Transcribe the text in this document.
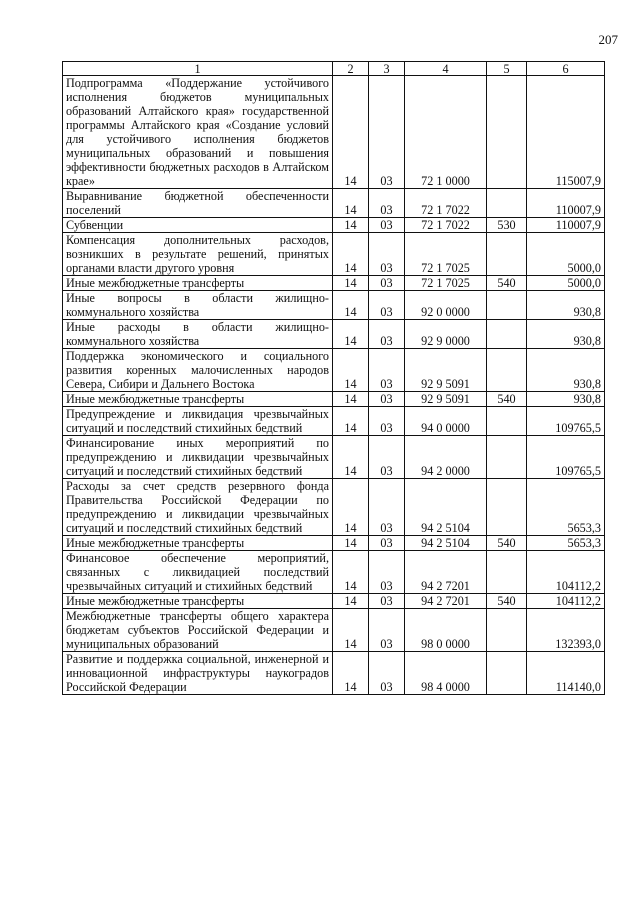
207
1	2	3	4	5	6
Подпрограмма «Поддержание устойчивого исполнения бюджетов муниципальных образований Алтайского края» государственной программы Алтайского края «Создание условий для устойчивого исполнения бюджетов муниципальных образований и повышения эффективности бюджетных расходов в Алтайском крае»	14	03	72 1 0000		115007,9
Выравнивание бюджетной обеспеченности поселений	14	03	72 1 7022		110007,9
Субвенции	14	03	72 1 7022	530	110007,9
Компенсация дополнительных расходов, возникших в результате решений, принятых органами власти другого уровня	14	03	72 1 7025		5000,0
Иные межбюджетные трансферты	14	03	72 1 7025	540	5000,0
Иные вопросы в области жилищно-коммунального хозяйства	14	03	92 0 0000		930,8
Иные расходы в области жилищно-коммунального хозяйства	14	03	92 9 0000		930,8
Поддержка экономического и социального развития коренных малочисленных народов Севера, Сибири и Дальнего Востока	14	03	92 9 5091		930,8
Иные межбюджетные трансферты	14	03	92 9 5091	540	930,8
Предупреждение и ликвидация чрезвычайных ситуаций и последствий стихийных бедствий	14	03	94 0 0000		109765,5
Финансирование иных мероприятий по предупреждению и ликвидации чрезвычайных ситуаций и последствий стихийных бедствий	14	03	94 2 0000		109765,5
Расходы за счет средств резервного фонда Правительства Российской Федерации по предупреждению и ликвидации чрезвычайных ситуаций и последствий стихийных бедствий	14	03	94 2 5104		5653,3
Иные межбюджетные трансферты	14	03	94 2 5104	540	5653,3
Финансовое обеспечение мероприятий, связанных с ликвидацией последствий чрезвычайных ситуаций и стихийных бедствий	14	03	94 2 7201		104112,2
Иные межбюджетные трансферты	14	03	94 2 7201	540	104112,2
Межбюджетные трансферты общего характера бюджетам субъектов Российской Федерации и муниципальных образований	14	03	98 0 0000		132393,0
Развитие и поддержка социальной, инженерной и инновационной инфраструктуры наукоградов Российской Федерации	14	03	98 4 0000		114140,0
